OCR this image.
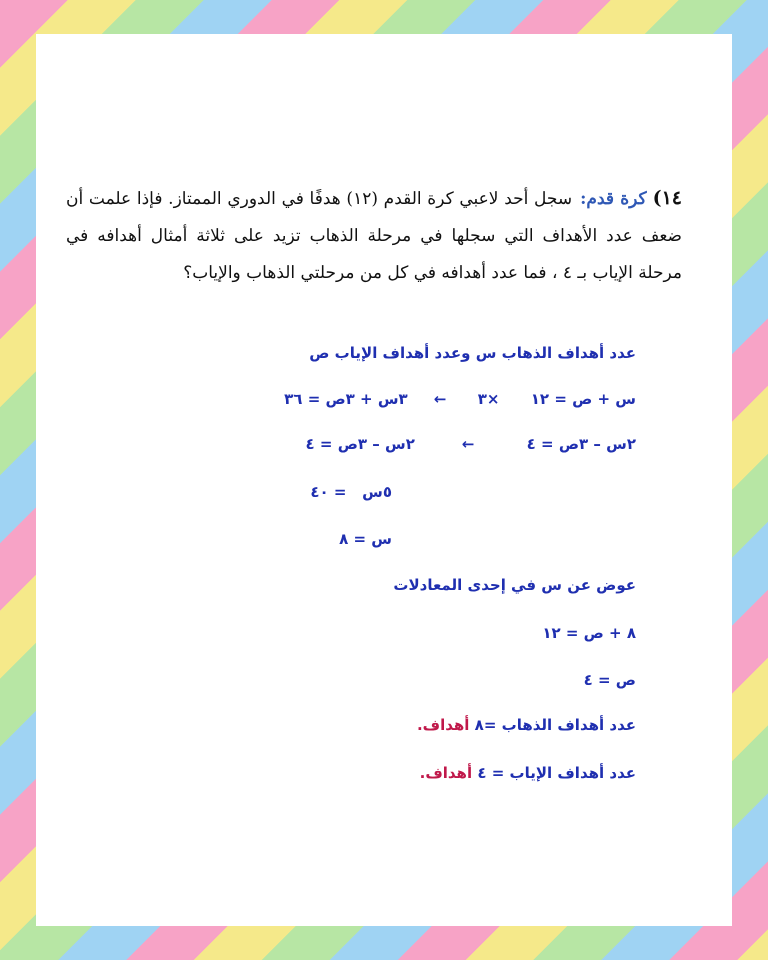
١٤)كرة قدم:سجل أحد لاعبي كرة القدم (١٢) هدفًا في الدوري الممتاز. فإذا علمت أن ضعف عدد الأهداف التي سجلها في مرحلة الذهاب تزيد على ثلاثة أمثال أهدافه في مرحلة الإياب بـ ٤ ، فما عدد أهدافه في كل من مرحلتي الذهاب والإياب؟
عدد أهداف الذهاب س وعدد أهداف الإياب ص
س + ص = ١٢      ×٣      ←     ٣س + ٣ص = ٣٦
٢س – ٣ص = ٤          ←         ٢س – ٣ص = ٤
٥س   = ٤٠
س = ٨
عوض عن س في إحدى المعادلات
٨ + ص = ١٢
ص = ٤
عدد أهداف الذهاب =٨ أهداف.
عدد أهداف الإياب = ٤ أهداف.
